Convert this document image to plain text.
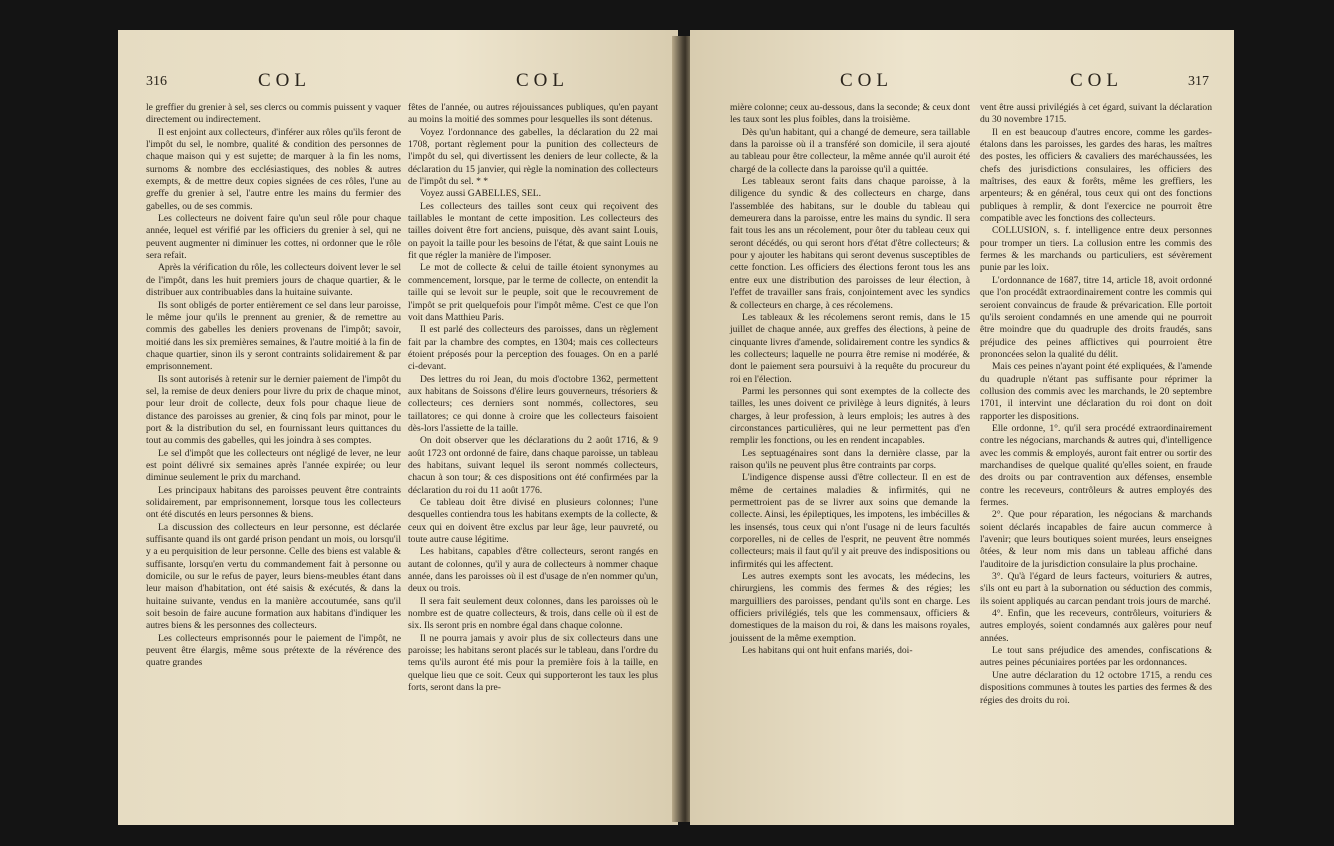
316	COL	COL

le greffier du grenier à sel, ses clercs ou commis puissent y vaquer directement ou indirectement.

Il est enjoint aux collecteurs, d'inférer aux rôles qu'ils feront de l'impôt du sel, le nombre, qualité & condition des personnes de chaque maison qui y est sujette; de marquer à la fin les noms, surnoms & nombre des ecclésiastiques, des nobles & autres exempts, & de mettre deux copies signées de ces rôles, l'une au greffe du grenier à sel, l'autre entre les mains du fermier des gabelles, ou de ses commis.

Les collecteurs ne doivent faire qu'un seul rôle pour chaque année, lequel est vérifié par les officiers du grenier à sel, qui ne peuvent augmenter ni diminuer les cottes, ni ordonner que le rôle sera refait.

Après la vérification du rôle, les collecteurs doivent lever le sel de l'impôt, dans les huit premiers jours de chaque quartier, & le distribuer aux contribuables dans la huitaine suivante.

Ils sont obligés de porter entièrement ce sel dans leur paroisse, le même jour qu'ils le prennent au grenier, & de remettre au commis des gabelles les deniers provenans de l'impôt; savoir, moitié dans les six premières semaines, & l'autre moitié à la fin de chaque quartier, sinon ils y seront contraints solidairement & par emprisonnement.

Ils sont autorisés à retenir sur le dernier paiement de l'impôt du sel, la remise de deux deniers pour livre du prix de chaque minot, pour leur droit de collecte, deux fols pour chaque lieue de distance des paroisses au grenier, & cinq fols par minot, pour le port & la distribution du sel, en fournissant leurs quittances du tout au commis des gabelles, qui les joindra à ses comptes.

Le sel d'impôt que les collecteurs ont négligé de lever, ne leur est point délivré six semaines après l'année expirée; ou leur diminue seulement le prix du marchand.

Les principaux habitans des paroisses peuvent être contraints solidairement, par emprisonnement, lorsque tous les collecteurs ont été discutés en leurs personnes & biens.

La discussion des collecteurs en leur personne, est déclarée suffisante quand ils ont gardé prison pendant un mois, ou lorsqu'il y a eu perquisition de leur personne. Celle des biens est valable & suffisante, lorsqu'en vertu du commandement fait à personne ou domicile, ou sur le refus de payer, leurs biens-meubles étant dans leur maison d'habitation, ont été saisis & exécutés, & dans la huitaine suivante, vendus en la manière accoutumée, sans qu'il soit besoin de faire aucune formation aux habitans d'indiquer les autres biens & les personnes des collecteurs.

Les collecteurs emprisonnés pour le paiement de l'impôt, ne peuvent être élargis, même sous prétexte de la révérence des quatre grandes

fêtes de l'année, ou autres réjouissances publiques, qu'en payant au moins la moitié des sommes pour lesquelles ils sont détenus.

Voyez l'ordonnance des gabelles, la déclaration du 22 mai 1708, portant règlement pour la punition des collecteurs de l'impôt du sel, qui divertissent les deniers de leur collecte, & la déclaration du 15 janvier, qui règle la nomination des collecteurs de l'impôt du sel. * *

Voyez aussi GABELLES, SEL.

Les collecteurs des tailles sont ceux qui reçoivent des taillables le montant de cette imposition. Les collecteurs des tailles doivent être fort anciens, puisque, dès avant saint Louis, on payoit la taille pour les besoins de l'état, & que saint Louis ne fit que régler la manière de l'imposer.

Le mot de collecte & celui de taille étoient synonymes au commencement, lorsque, par le terme de collecte, on entendit la taille qui se levoit sur le peuple, soit que le recouvrement de l'impôt se prit quelquefois pour l'impôt même. C'est ce que l'on voit dans Matthieu Paris.

Il est parlé des collecteurs des paroisses, dans un règlement fait par la chambre des comptes, en 1304; mais ces collecteurs étoient préposés pour la perception des fouages. On en a parlé ci-devant.

Des lettres du roi Jean, du mois d'octobre 1362, permettent aux habitans de Soissons d'élire leurs gouverneurs, trésoriers & collecteurs; ces derniers sont nommés, collectores, seu taillatores; ce qui donne à croire que les collecteurs faisoient dès-lors l'assiette de la taille.

On doit observer que les déclarations du 2 août 1716, & 9 août 1723 ont ordonné de faire, dans chaque paroisse, un tableau des habitans, suivant lequel ils seront nommés collecteurs, chacun à son tour; & ces dispositions ont été confirmées par la déclaration du roi du 11 août 1776.

Ce tableau doit être divisé en plusieurs colonnes; l'une desquelles contiendra tous les habitans exempts de la collecte, & ceux qui en doivent être exclus par leur âge, leur pauvreté, ou toute autre cause légitime.

Les habitans, capables d'être collecteurs, seront rangés en autant de colonnes, qu'il y aura de collecteurs à nommer chaque année, dans les paroisses où il est d'usage de n'en nommer qu'un, deux ou trois.

Il sera fait seulement deux colonnes, dans les paroisses où le nombre est de quatre collecteurs, & trois, dans celle où il est de six. Ils seront pris en nombre égal dans chaque colonne.

Il ne pourra jamais y avoir plus de six collecteurs dans une paroisse; les habitans seront placés sur le tableau, dans l'ordre du tems qu'ils auront été mis pour la première fois à la taille, en quelque lieu que ce soit. Ceux qui supporteront les taux les plus forts, seront dans la pre-

COL	COL	317

mière colonne; ceux au-dessous, dans la seconde; & ceux dont les taux sont les plus foibles, dans la troisième.

Dès qu'un habitant, qui a changé de demeure, sera taillable dans la paroisse où il a transféré son domicile, il sera ajouté au tableau pour être collecteur, la même année qu'il auroit été chargé de la collecte dans la paroisse qu'il a quittée.

Les tableaux seront faits dans chaque paroisse, à la diligence du syndic & des collecteurs en charge, dans l'assemblée des habitans, sur le double du tableau qui demeurera dans la paroisse, entre les mains du syndic. Il sera fait tous les ans un récolement, pour ôter du tableau ceux qui seront décédés, ou qui seront hors d'état d'être collecteurs; & pour y ajouter les habitans qui seront devenus susceptibles de cette fonction. Les officiers des élections feront tous les ans entre eux une distribution des paroisses de leur élection, à l'effet de travailler sans frais, conjointement avec les syndics & collecteurs en charge, à ces récolemens.

Les tableaux & les récolemens seront remis, dans le 15 juillet de chaque année, aux greffes des élections, à peine de cinquante livres d'amende, solidairement contre les syndics & les collecteurs; laquelle ne pourra être remise ni modérée, & dont le paiement sera poursuivi à la requête du procureur du roi en l'élection.

Parmi les personnes qui sont exemptes de la collecte des tailles, les unes doivent ce privilège à leurs dignités, à leurs charges, à leur profession, à leurs emplois; les autres à des circonstances particulières, qui ne leur permettent pas d'en remplir les fonctions, ou les en rendent incapables.

Les septuagénaires sont dans la dernière classe, par la raison qu'ils ne peuvent plus être contraints par corps.

L'indigence dispense aussi d'être collecteur. Il en est de même de certaines maladies & infirmités, qui ne permettroient pas de se livrer aux soins que demande la collecte. Ainsi, les épileptiques, les impotens, les imbécilles & les insensés, tous ceux qui n'ont l'usage ni de leurs facultés corporelles, ni de celles de l'esprit, ne peuvent être nommés collecteurs; mais il faut qu'il y ait preuve des indispositions ou infirmités qui les affectent.

Les autres exempts sont les avocats, les médecins, les chirurgiens, les commis des fermes & des régies; les marguilliers des paroisses, pendant qu'ils sont en charge. Les officiers privilégiés, tels que les commensaux, officiers & domestiques de la maison du roi, & dans les maisons royales, jouissent de la même exemption.

Les habitans qui ont huit enfans mariés, doi-

vent être aussi privilégiés à cet égard, suivant la déclaration du 30 novembre 1715.

Il en est beaucoup d'autres encore, comme les gardes-étalons dans les paroisses, les gardes des haras, les maîtres des postes, les officiers & cavaliers des maréchaussées, les chefs des jurisdictions consulaires, les officiers des maîtrises, des eaux & forêts, même les greffiers, les arpenteurs; & en général, tous ceux qui ont des fonctions publiques à remplir, & dont l'exercice ne pourroit être compatible avec les fonctions des collecteurs.

COLLUSION, s. f. intelligence entre deux personnes pour tromper un tiers. La collusion entre les commis des fermes & les marchands ou particuliers, est sévèrement punie par les loix.

L'ordonnance de 1687, titre 14, article 18, avoit ordonné que l'on procédât extraordinairement contre les commis qui seroient convaincus de fraude & prévarication. Elle portoit qu'ils seroient condamnés en une amende qui ne pourroit être moindre que du quadruple des droits fraudés, sans préjudice des peines afflictives qui pourroient être prononcées selon la qualité du délit.

Mais ces peines n'ayant point été expliquées, & l'amende du quadruple n'étant pas suffisante pour réprimer la collusion des commis avec les marchands, le 20 septembre 1701, il intervint une déclaration du roi dont on doit rapporter les dispositions.

Elle ordonne, 1°. qu'il sera procédé extraordinairement contre les négocians, marchands & autres qui, d'intelligence avec les commis & employés, auront fait entrer ou sortir des marchandises de quelque qualité qu'elles soient, en fraude des droits ou par contravention aux défenses, ensemble contre les receveurs, contrôleurs & autres employés des fermes.

2°. Que pour réparation, les négocians & marchands soient déclarés incapables de faire aucun commerce à l'avenir; que leurs boutiques soient murées, leurs enseignes ôtées, & leur nom mis dans un tableau affiché dans l'auditoire de la jurisdiction consulaire la plus prochaine.

3°. Qu'à l'égard de leurs facteurs, voituriers & autres, s'ils ont eu part à la subornation ou séduction des commis, ils soient appliqués au carcan pendant trois jours de marché.

4°. Enfin, que les receveurs, contrôleurs, voituriers & autres employés, soient condamnés aux galères pour neuf années.

Le tout sans préjudice des amendes, confiscations & autres peines pécuniaires portées par les ordonnances.

Une autre déclaration du 12 octobre 1715, a rendu ces dispositions communes à toutes les parties des fermes & des régies des droits du roi.
